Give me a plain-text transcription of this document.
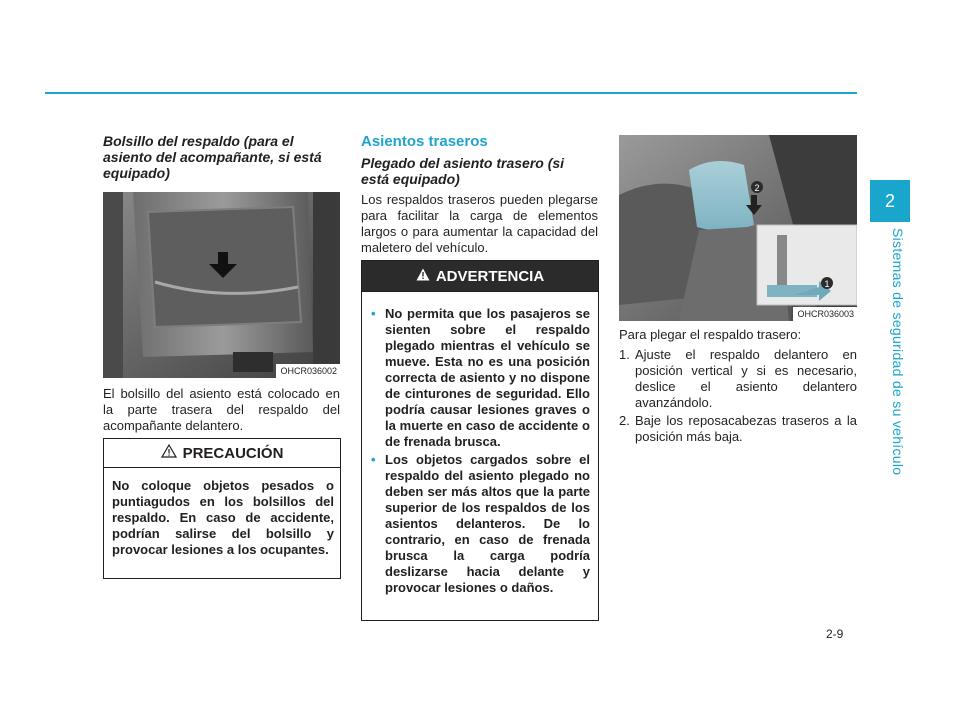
Bolsillo del respaldo (para el asiento del acompañante, si está equipado)
OHCR036002
El bolsillo del asiento está colocado en la parte trasera del respaldo del acompañante delantero.
PRECAUCIÓN
No coloque objetos pesados o puntiagudos en los bolsillos del respaldo. En caso de accidente, podrían salirse del bolsillo y provocar lesiones a los ocupantes.
Asientos traseros
Plegado del asiento trasero (si está equipado)
Los respaldos traseros pueden plegarse para facilitar la carga de elementos largos o para aumentar la capacidad del maletero del vehículo.
ADVERTENCIA
• No permita que los pasajeros se sienten sobre el respaldo plegado mientras el vehículo se mueve. Esta no es una posición correcta de asiento y no dispone de cinturones de seguridad. Ello podría causar lesiones graves o la muerte en caso de accidente o de frenada brusca.
• Los objetos cargados sobre el respaldo del asiento plegado no deben ser más altos que la parte superior de los respaldos de los asientos delanteros. De lo contrario, en caso de frenada brusca la carga podría deslizarse hacia delante y provocar lesiones o daños.
2
1
OHCR036003
Para plegar el respaldo trasero:
1. Ajuste el respaldo delantero en posición vertical y si es necesario, deslice el asiento delantero avanzándolo.
2. Baje los reposacabezas traseros a la posición más baja.
2
Sistemas de seguridad de su vehículo
2-9
